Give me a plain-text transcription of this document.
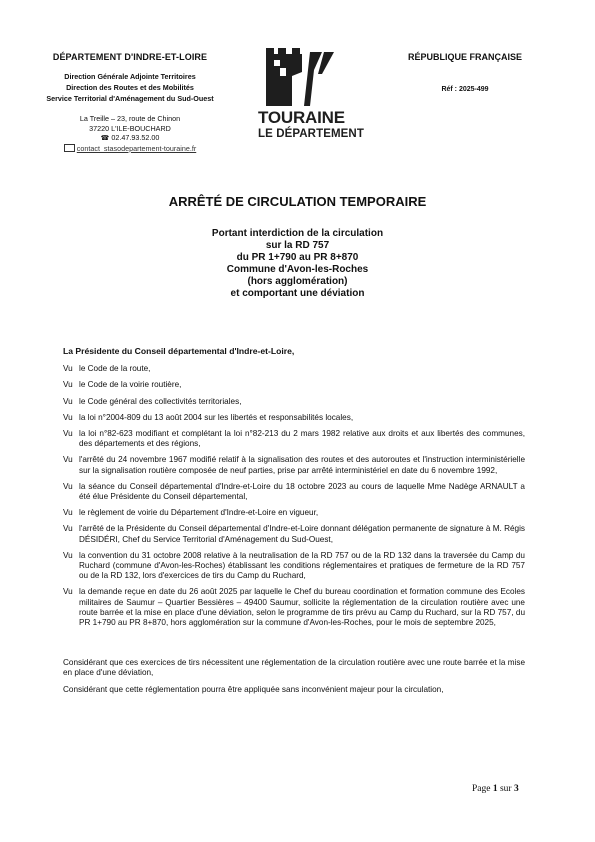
DÉPARTEMENT D'INDRE-ET-LOIRE
Direction Générale Adjointe Territoires
Direction des Routes et des Mobilités
Service Territorial d'Aménagement du Sud-Ouest
La Treille – 23, route de Chinon
37220 L'ILE-BOUCHARD
☎ 02.47.93.52.00
contact_stasodepartement-touraine.fr
TOURAINE
LE DÉPARTEMENT
RÉPUBLIQUE FRANÇAISE
Réf : 2025-499
ARRÊTÉ DE CIRCULATION TEMPORAIRE
Portant interdiction de la circulation
sur la RD 757
du PR 1+790 au PR 8+870
Commune d'Avon-les-Roches
(hors agglomération)
et comportant une déviation
La Présidente du Conseil départemental d'Indre-et-Loire,
Vu le Code de la route,
Vu le Code de la voirie routière,
Vu le Code général des collectivités territoriales,
Vu la loi n°2004-809 du 13 août 2004 sur les libertés et responsabilités locales,
Vu la loi n°82-623 modifiant et complétant la loi n°82-213 du 2 mars 1982 relative aux droits et aux libertés des communes, des départements et des régions,
Vu l'arrêté du 24 novembre 1967 modifié relatif à la signalisation des routes et des autoroutes et l'instruction interministérielle sur la signalisation routière composée de neuf parties, prise par arrêté interministériel en date du 6 novembre 1992,
Vu la séance du Conseil départemental d'Indre-et-Loire du 18 octobre 2023 au cours de laquelle Mme Nadège ARNAULT a été élue Présidente du Conseil départemental,
Vu le règlement de voirie du Département d'Indre-et-Loire en vigueur,
Vu l'arrêté de la Présidente du Conseil départemental d'Indre-et-Loire donnant délégation permanente de signature à M. Régis DÉSIDÉRI, Chef du Service Territorial d'Aménagement du Sud-Ouest,
Vu la convention du 31 octobre 2008 relative à la neutralisation de la RD 757 ou de la RD 132 dans la traversée du Camp du Ruchard (commune d'Avon-les-Roches) établissant les conditions réglementaires et pratiques de fermeture de la RD 757 ou de la RD 132, lors d'exercices de tirs du Camp du Ruchard,
Vu la demande reçue en date du 26 août 2025 par laquelle le Chef du bureau coordination et formation commune des Ecoles militaires de Saumur – Quartier Bessières – 49400 Saumur, sollicite la réglementation de la circulation routière avec une route barrée et la mise en place d'une déviation, selon le programme de tirs prévu au Camp du Ruchard, sur la RD 757, du PR 1+790 au PR 8+870, hors agglomération sur la commune d'Avon-les-Roches, pour le mois de septembre 2025,

Considérant que ces exercices de tirs nécessitent une réglementation de la circulation routière avec une route barrée et la mise en place d'une déviation,

Considérant que cette réglementation pourra être appliquée sans inconvénient majeur pour la circulation,

Page 1 sur 3
